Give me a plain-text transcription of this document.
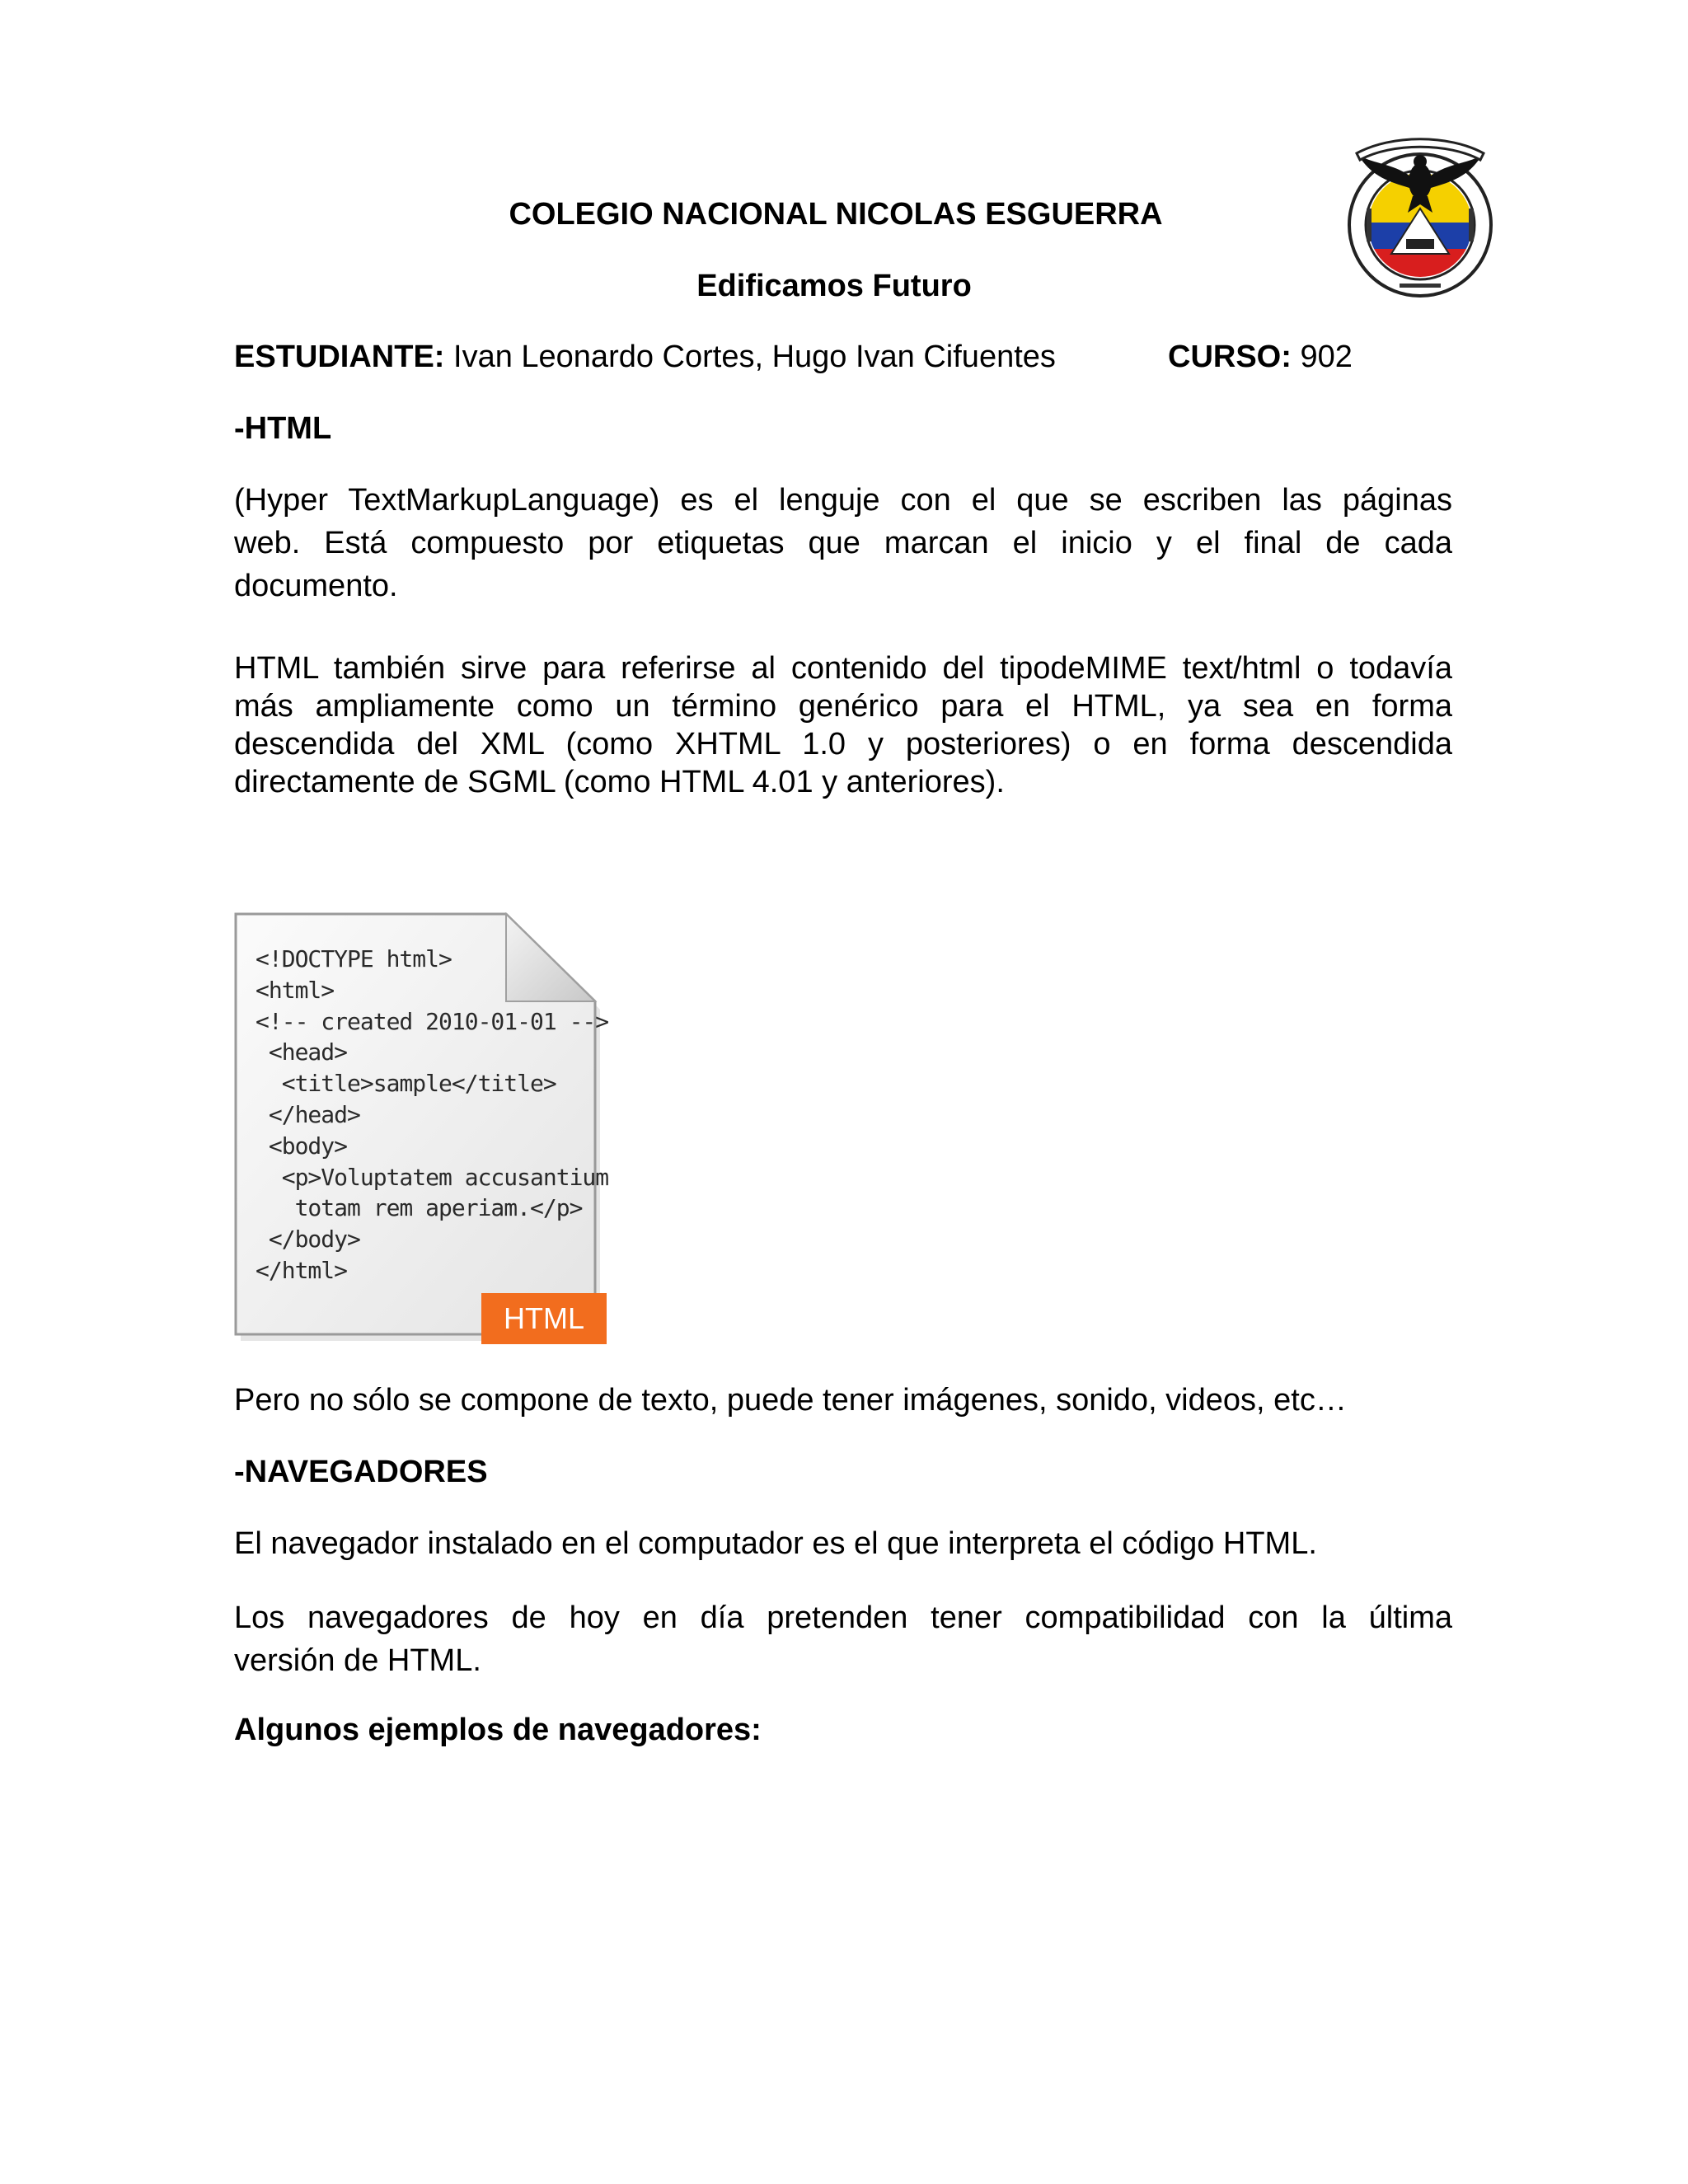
COLEGIO NACIONAL NICOLAS ESGUERRA
Edificamos Futuro
ESTUDIANTE: Ivan Leonardo Cortes, Hugo Ivan Cifuentes	CURSO: 902
-HTML
(Hyper TextMarkupLanguage) es el lenguje con el que se escriben las páginas
web. Está compuesto por etiquetas que marcan el inicio y el final de cada
documento.
HTML también sirve para referirse al contenido del tipodeMIME text/html o todavía
más ampliamente como un término genérico para el HTML, ya sea en forma
descendida del XML (como XHTML 1.0 y posteriores) o en forma descendida
directamente de SGML (como HTML 4.01 y anteriores).
<!DOCTYPE html>
<html>
<!-- created 2010-01-01 -->
<head>
<title>sample</title>
</head>
<body>
<p>Voluptatem accusantium
totam rem aperiam.</p>
</body>
</html>
HTML
Pero no sólo se compone de texto, puede tener imágenes, sonido, videos, etc…
-NAVEGADORES
El navegador instalado en el computador es el que interpreta el código HTML.
Los navegadores de hoy en día pretenden tener compatibilidad con la última
versión de HTML.
Algunos ejemplos de navegadores:
